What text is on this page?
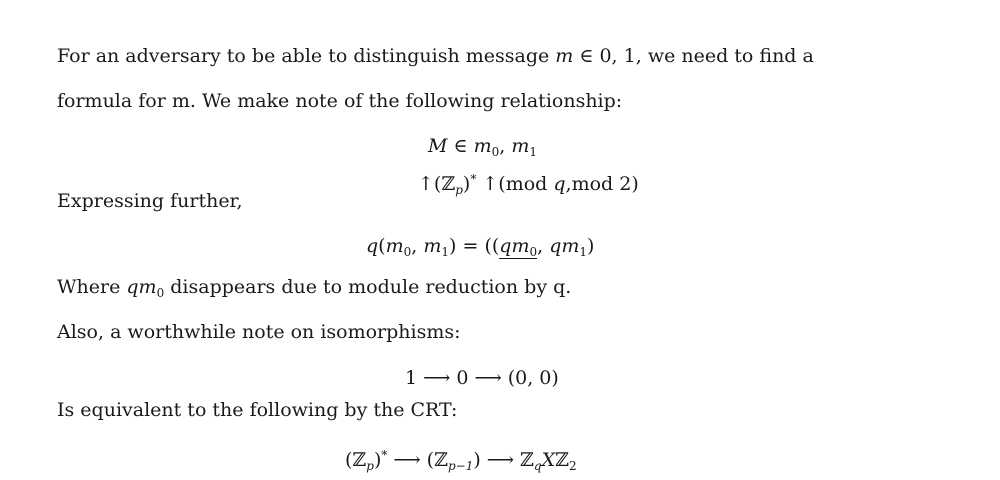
For an adversary to be able to distinguish message m ∈ 0, 1, we need to find a
formula for m. We make note of the following relationship:
M ∈ $m_0$, $m_1$
↑(ℤ$_p$)* ↑(mod q,mod 2)
Expressing further,
$q(m_0$, $m_1) = ((qm_0$, $qm_1$)
Where $qm_0$ disappears due to module reduction by q.
Also, a worthwhile note on isomorphisms:
1 ⟶ 0 ⟶ (0, 0)
Is equivalent to the following by the CRT:
(ℤ$_p$)* ⟶ (ℤ$_{p-1}$) ⟶ ℤ$_q$Xℤ$_2$
